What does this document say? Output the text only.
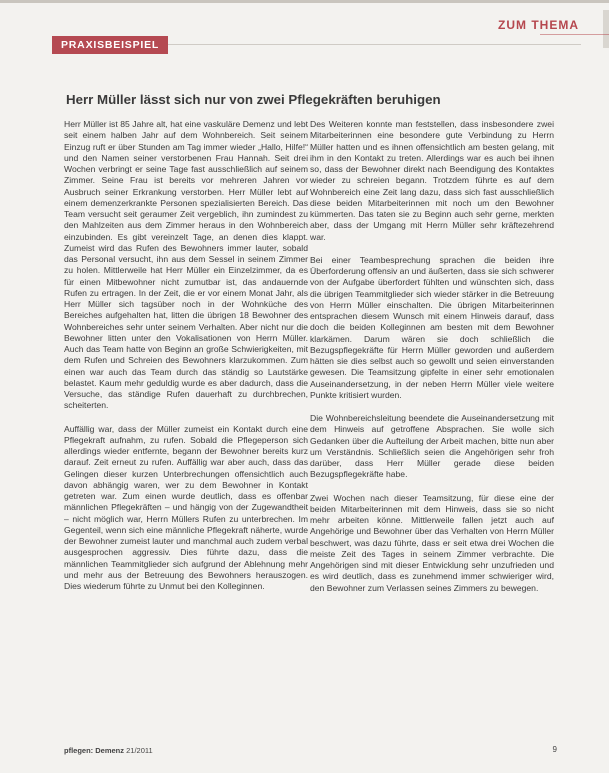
ZUM THEMA
PRAXISBEISPIEL
Herr Müller lässt sich nur von zwei Pflegekräften beruhigen

Herr Müller ist 85 Jahre alt, hat eine vaskuläre Demenz und lebt seit einem halben Jahr auf dem Wohnbereich. Seit seinem Einzug ruft er über Stunden am Tag immer wieder „Hallo, Hilfe!“ und den Namen seiner verstorbenen Frau Hannah. Seit drei Wochen verbringt er seine Tage fast ausschließlich auf seinem Zimmer. Seine Frau ist bereits vor mehreren Jahren vor Ausbruch seiner Erkrankung verstorben. Herr Müller lebt auf einem demenzerkrankte Personen spezialisierten Bereich. Das Team versucht seit geraumer Zeit vergeblich, ihn zumindest zu den Mahlzeiten aus dem Zimmer heraus in den Wohnbereich einzubinden. Es gibt vereinzelt Tage, an denen dies klappt. Zumeist wird das Rufen des Bewohners immer lauter, sobald das Personal versucht, ihn aus dem Sessel in seinem Zimmer zu holen. Mittlerweile hat Herr Müller ein Einzelzimmer, da es für einen Mitbewohner nicht zumutbar ist, das andauernde Rufen zu ertragen. In der Zeit, die er vor einem Monat Jahr, als Herr Müller sich tagsüber noch in der Wohnküche des Bereiches aufgehalten hat, litten die übrigen 18 Bewohner des Wohnbereiches sehr unter seinem Verhalten. Aber nicht nur die Bewohner litten unter den Vokalisationen von Herrn Müller. Auch das Team hatte von Beginn an große Schwierigkeiten, mit dem Rufen und Schreien des Bewohners klarzukommen. Zum einen war auch das Team durch das ständig so Lautstärke belastet. Kaum mehr geduldig wurde es aber dadurch, dass die Versuche, das ständige Rufen dauerhaft zu durchbrechen, scheiterten.

Auffällig war, dass der Müller zumeist ein Kontakt durch eine Pflegekraft aufnahm, zu rufen. Sobald die Pflegeperson sich allerdings wieder entfernte, begann der Bewohner bereits kurz darauf. Zeit erneut zu rufen. Auffällig war aber auch, dass das Gelingen dieser kurzen Unterbrechungen offensichtlich auch davon abhängig waren, wer zu dem Bewohner in Kontakt getreten war. Zum einen wurde deutlich, dass es offenbar männlichen Pflegekräften – und hängig von der Zugewandtheit – nicht möglich war, Herrn Müllers Rufen zu unterbrechen. Im Gegenteil, wenn sich eine männliche Pflegekraft näherte, wurde der Bewohner zumeist lauter und manchmal auch zudem verbal ausgesprochen aggressiv. Dies führte dazu, dass die männlichen Teammitglieder sich aufgrund der Ablehnung mehr und mehr aus der Betreuung des Bewohners herauszogen. Dies wiederum führte zu Unmut bei den Kolleginnen.

Des Weiteren konnte man feststellen, dass insbesondere zwei Mitarbeiterinnen eine besondere gute Verbindung zu Herrn Müller hatten und es ihnen offensichtlich am besten gelang, mit ihm in den Kontakt zu treten. Allerdings war es auch bei ihnen so, dass der Bewohner direkt nach Beendigung des Kontaktes wieder zu schreien begann. Trotzdem führte es auf dem Wohnbereich eine Zeit lang dazu, dass sich fast ausschließlich diese beiden Mitarbeiterinnen mit noch um den Bewohner kümmerten. Das taten sie zu Beginn auch sehr gerne, merkten aber, dass der Umgang mit Herrn Müller sehr kräftezehrend war.

Bei einer Teambesprechung sprachen die beiden ihre Überforderung offensiv an und äußerten, dass sie sich schwerer von der Aufgabe überfordert fühlten und wünschten sich, dass die übrigen Teammitglieder sich wieder stärker in die Betreuung von Herrn Müller einschalten. Die übrigen Mitarbeiterinnen entsprachen diesem Wunsch mit einem Hinweis darauf, dass doch die beiden Kolleginnen am besten mit dem Bewohner klarkämen. Darum wären sie doch schließlich die Bezugspflegekräfte für Herrn Müller geworden und außerdem hätten sie dies selbst auch so gewollt und seien einverstanden gewesen. Die Teamsitzung gipfelte in einer sehr emotionalen Auseinandersetzung, in der neben Herrn Müller viele weitere Punkte kritisiert wurden.

Die Wohnbereichsleitung beendete die Auseinandersetzung mit dem Hinweis auf getroffene Absprachen. Sie wolle sich Gedanken über die Aufteilung der Arbeit machen, bitte nun aber um Verständnis. Schließlich seien die Angehörigen sehr froh darüber, dass Herr Müller gerade diese beiden Bezugspflegekräfte habe.

Zwei Wochen nach dieser Teamsitzung, für diese eine der beiden Mitarbeiterinnen mit dem Hinweis, dass sie so nicht mehr arbeiten könne. Mittlerweile fallen jetzt auch auf Angehörige und Bewohner über das Verhalten von Herrn Müller beschwert, was dazu führte, dass er seit etwa drei Wochen die meiste Zeit des Tages in seinem Zimmer verbrachte. Die Angehörigen sind mit dieser Entwicklung sehr unzufrieden und es wird deutlich, dass es zunehmend immer schwieriger wird, den Bewohner zum Verlassen seines Zimmers zu bewegen.

pflegen: Demenz 21/2011	9
